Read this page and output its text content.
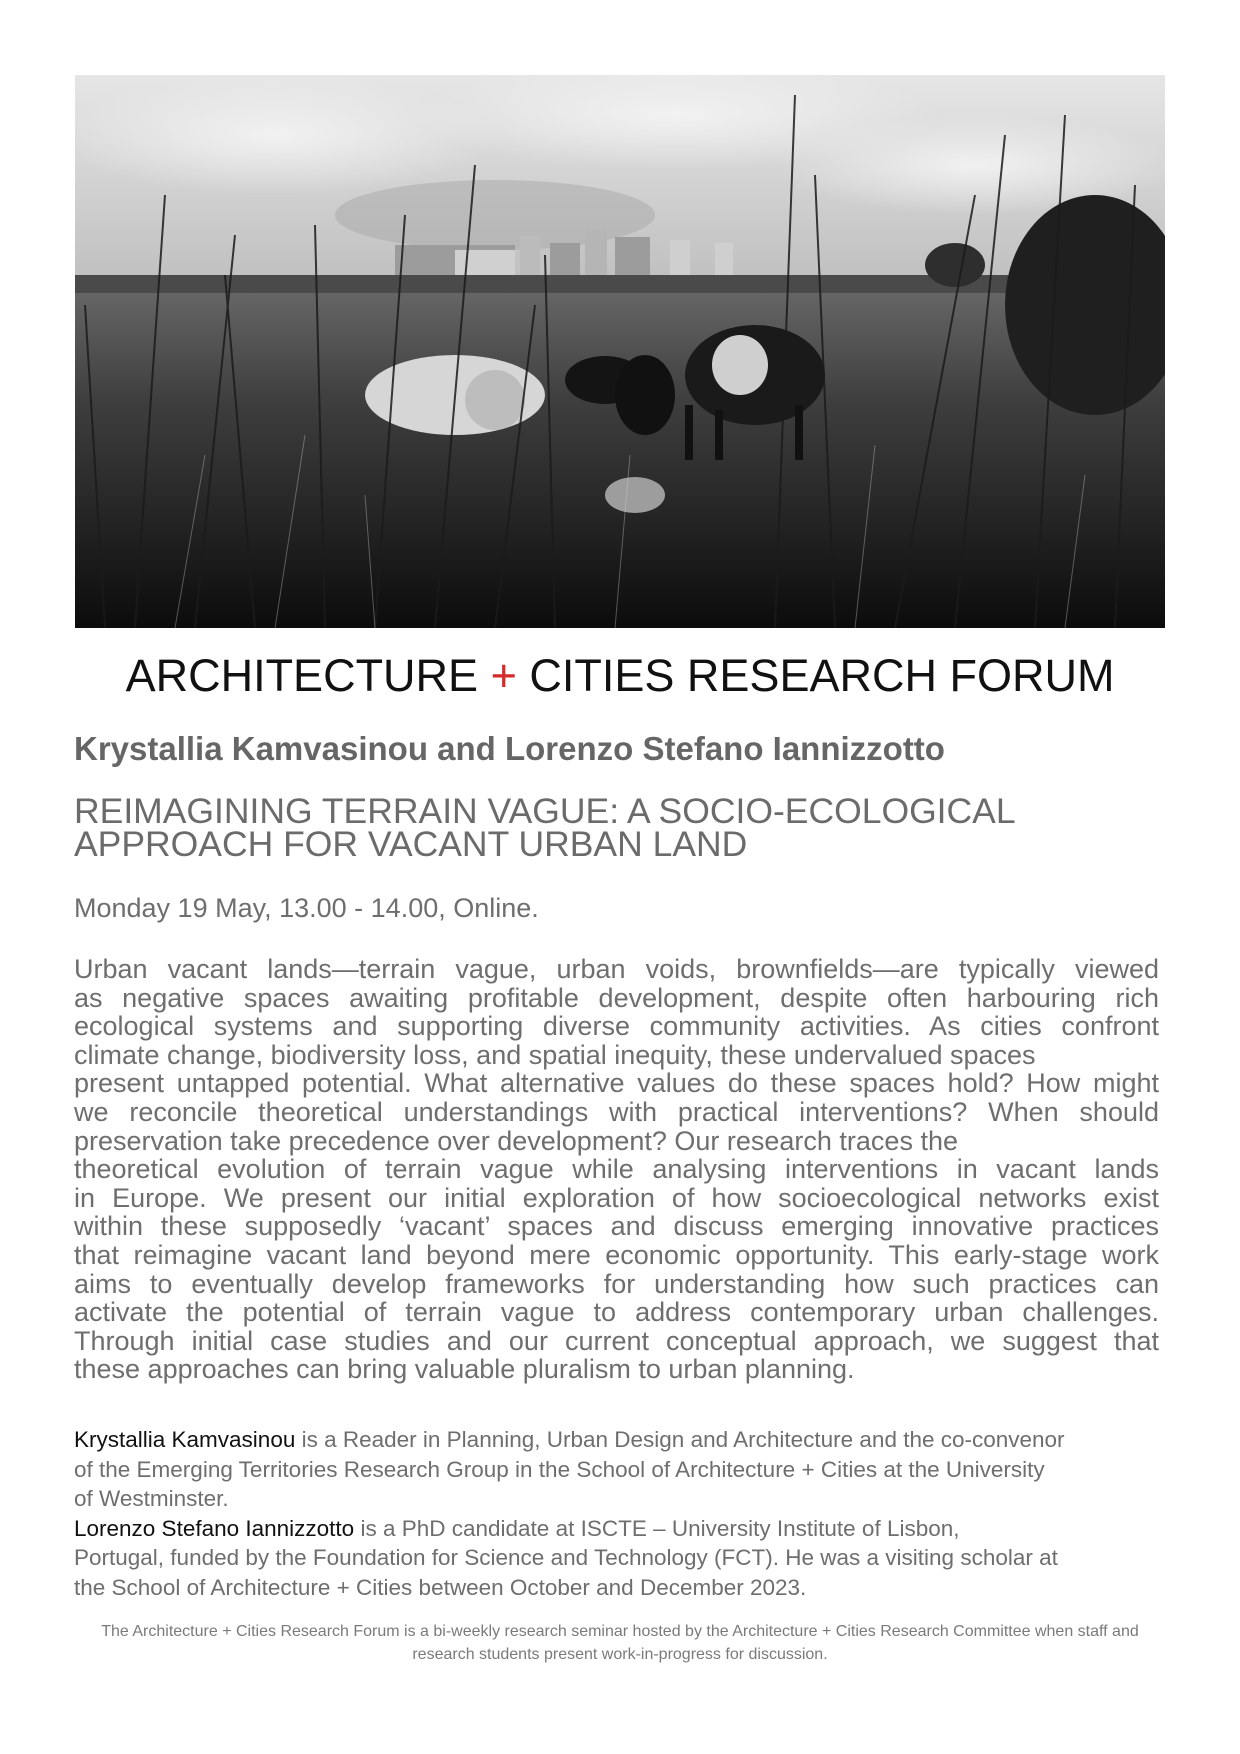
ARCHITECTURE + CITIES RESEARCH FORUM
Krystallia Kamvasinou and Lorenzo Stefano Iannizzotto
REIMAGINING TERRAIN VAGUE: A SOCIO-ECOLOGICAL
APPROACH FOR VACANT URBAN LAND
Monday 19 May, 13.00 - 14.00, Online.
Urban vacant lands—terrain vague, urban voids, brownfields—are typically viewed
as negative spaces awaiting profitable development, despite often harbouring rich
ecological systems and supporting diverse community activities. As cities confront
climate change, biodiversity loss, and spatial inequity, these undervalued spaces
present untapped potential. What alternative values do these spaces hold? How might
we reconcile theoretical understandings with practical interventions? When should
preservation take precedence over development? Our research traces the
theoretical evolution of terrain vague while analysing interventions in vacant lands
in Europe. We present our initial exploration of how socioecological networks exist
within these supposedly ‘vacant’ spaces and discuss emerging innovative practices
that reimagine vacant land beyond mere economic opportunity. This early-stage work
aims to eventually develop frameworks for understanding how such practices can
activate the potential of terrain vague to address contemporary urban challenges.
Through initial case studies and our current conceptual approach, we suggest that
these approaches can bring valuable pluralism to urban planning.
Krystallia Kamvasinou is a Reader in Planning, Urban Design and Architecture and the co-convenor
of the Emerging Territories Research Group in the School of Architecture + Cities at the University
of Westminster.
Lorenzo Stefano Iannizzotto is a PhD candidate at ISCTE – University Institute of Lisbon,
Portugal, funded by the Foundation for Science and Technology (FCT). He was a visiting scholar at
the School of Architecture + Cities between October and December 2023.
The Architecture + Cities Research Forum is a bi-weekly research seminar hosted by the Architecture + Cities Research Committee when staff and
research students present work-in-progress for discussion.
